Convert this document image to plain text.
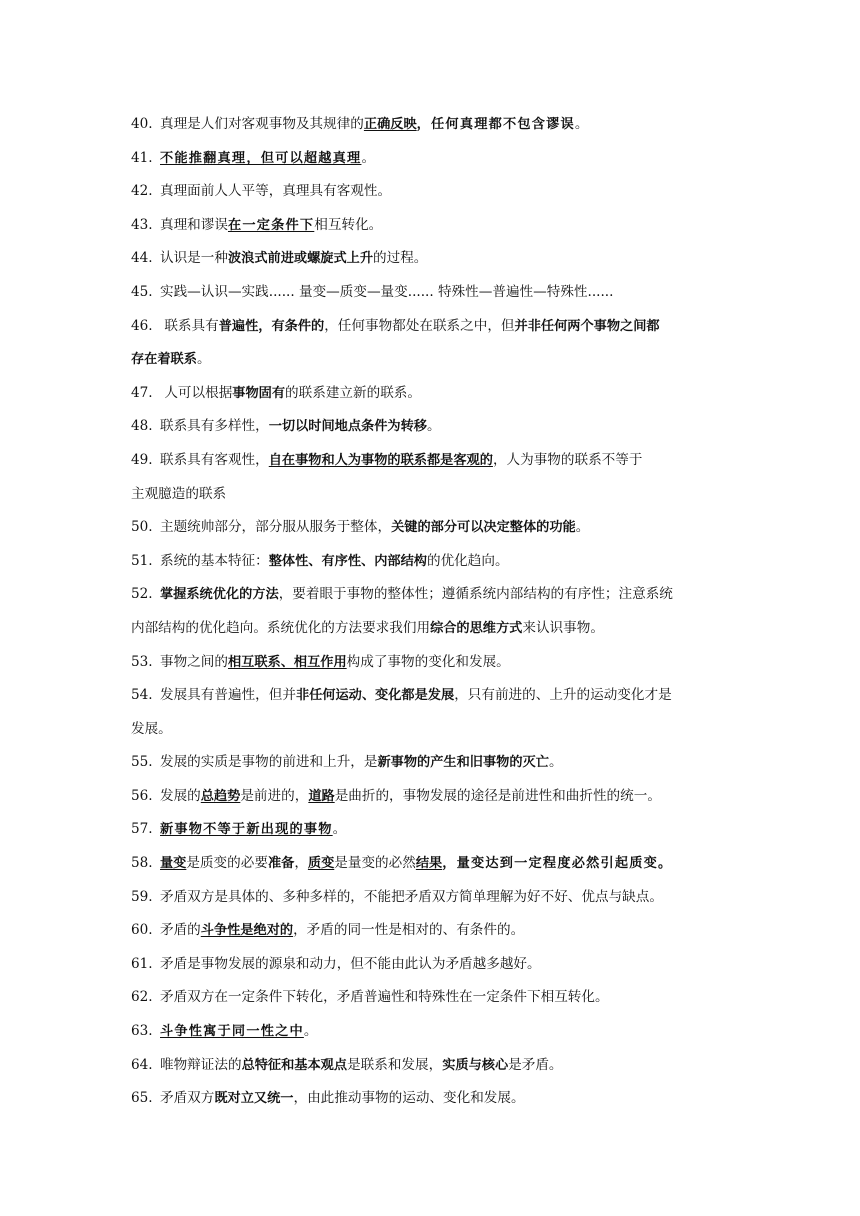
40. 真理是人们对客观事物及其规律的正确反映，任何真理都不包含谬误。
41. 不能推翻真理，但可以超越真理。
42. 真理面前人人平等，真理具有客观性。
43. 真理和谬误在一定条件下相互转化。
44. 认识是一种波浪式前进或螺旋式上升的过程。
45. 实践—认识—实践...... 量变—质变—量变...... 特殊性—普遍性—特殊性......
46. 联系具有普遍性，有条件的，任何事物都处在联系之中，但并非任何两个事物之间都
存在着联系。
47. 人可以根据事物固有的联系建立新的联系。
48. 联系具有多样性，一切以时间地点条件为转移。
49. 联系具有客观性，自在事物和人为事物的联系都是客观的，人为事物的联系不等于
主观臆造的联系
50. 主题统帅部分，部分服从服务于整体，关键的部分可以决定整体的功能。
51. 系统的基本特征：整体性、有序性、内部结构的优化趋向。
52. 掌握系统优化的方法，要着眼于事物的整体性；遵循系统内部结构的有序性；注意系统
内部结构的优化趋向。系统优化的方法要求我们用综合的思维方式来认识事物。
53. 事物之间的相互联系、相互作用构成了事物的变化和发展。
54. 发展具有普遍性，但并非任何运动、变化都是发展，只有前进的、上升的运动变化才是
发展。
55. 发展的实质是事物的前进和上升，是新事物的产生和旧事物的灭亡。
56. 发展的总趋势是前进的，道路是曲折的，事物发展的途径是前进性和曲折性的统一。
57. 新事物不等于新出现的事物。
58. 量变是质变的必要准备，质变是量变的必然结果，量变达到一定程度必然引起质变。
59. 矛盾双方是具体的、多种多样的，不能把矛盾双方简单理解为好不好、优点与缺点。
60. 矛盾的斗争性是绝对的，矛盾的同一性是相对的、有条件的。
61. 矛盾是事物发展的源泉和动力，但不能由此认为矛盾越多越好。
62. 矛盾双方在一定条件下转化，矛盾普遍性和特殊性在一定条件下相互转化。
63. 斗争性寓于同一性之中。
64. 唯物辩证法的总特征和基本观点是联系和发展，实质与核心是矛盾。
65. 矛盾双方既对立又统一，由此推动事物的运动、变化和发展。
